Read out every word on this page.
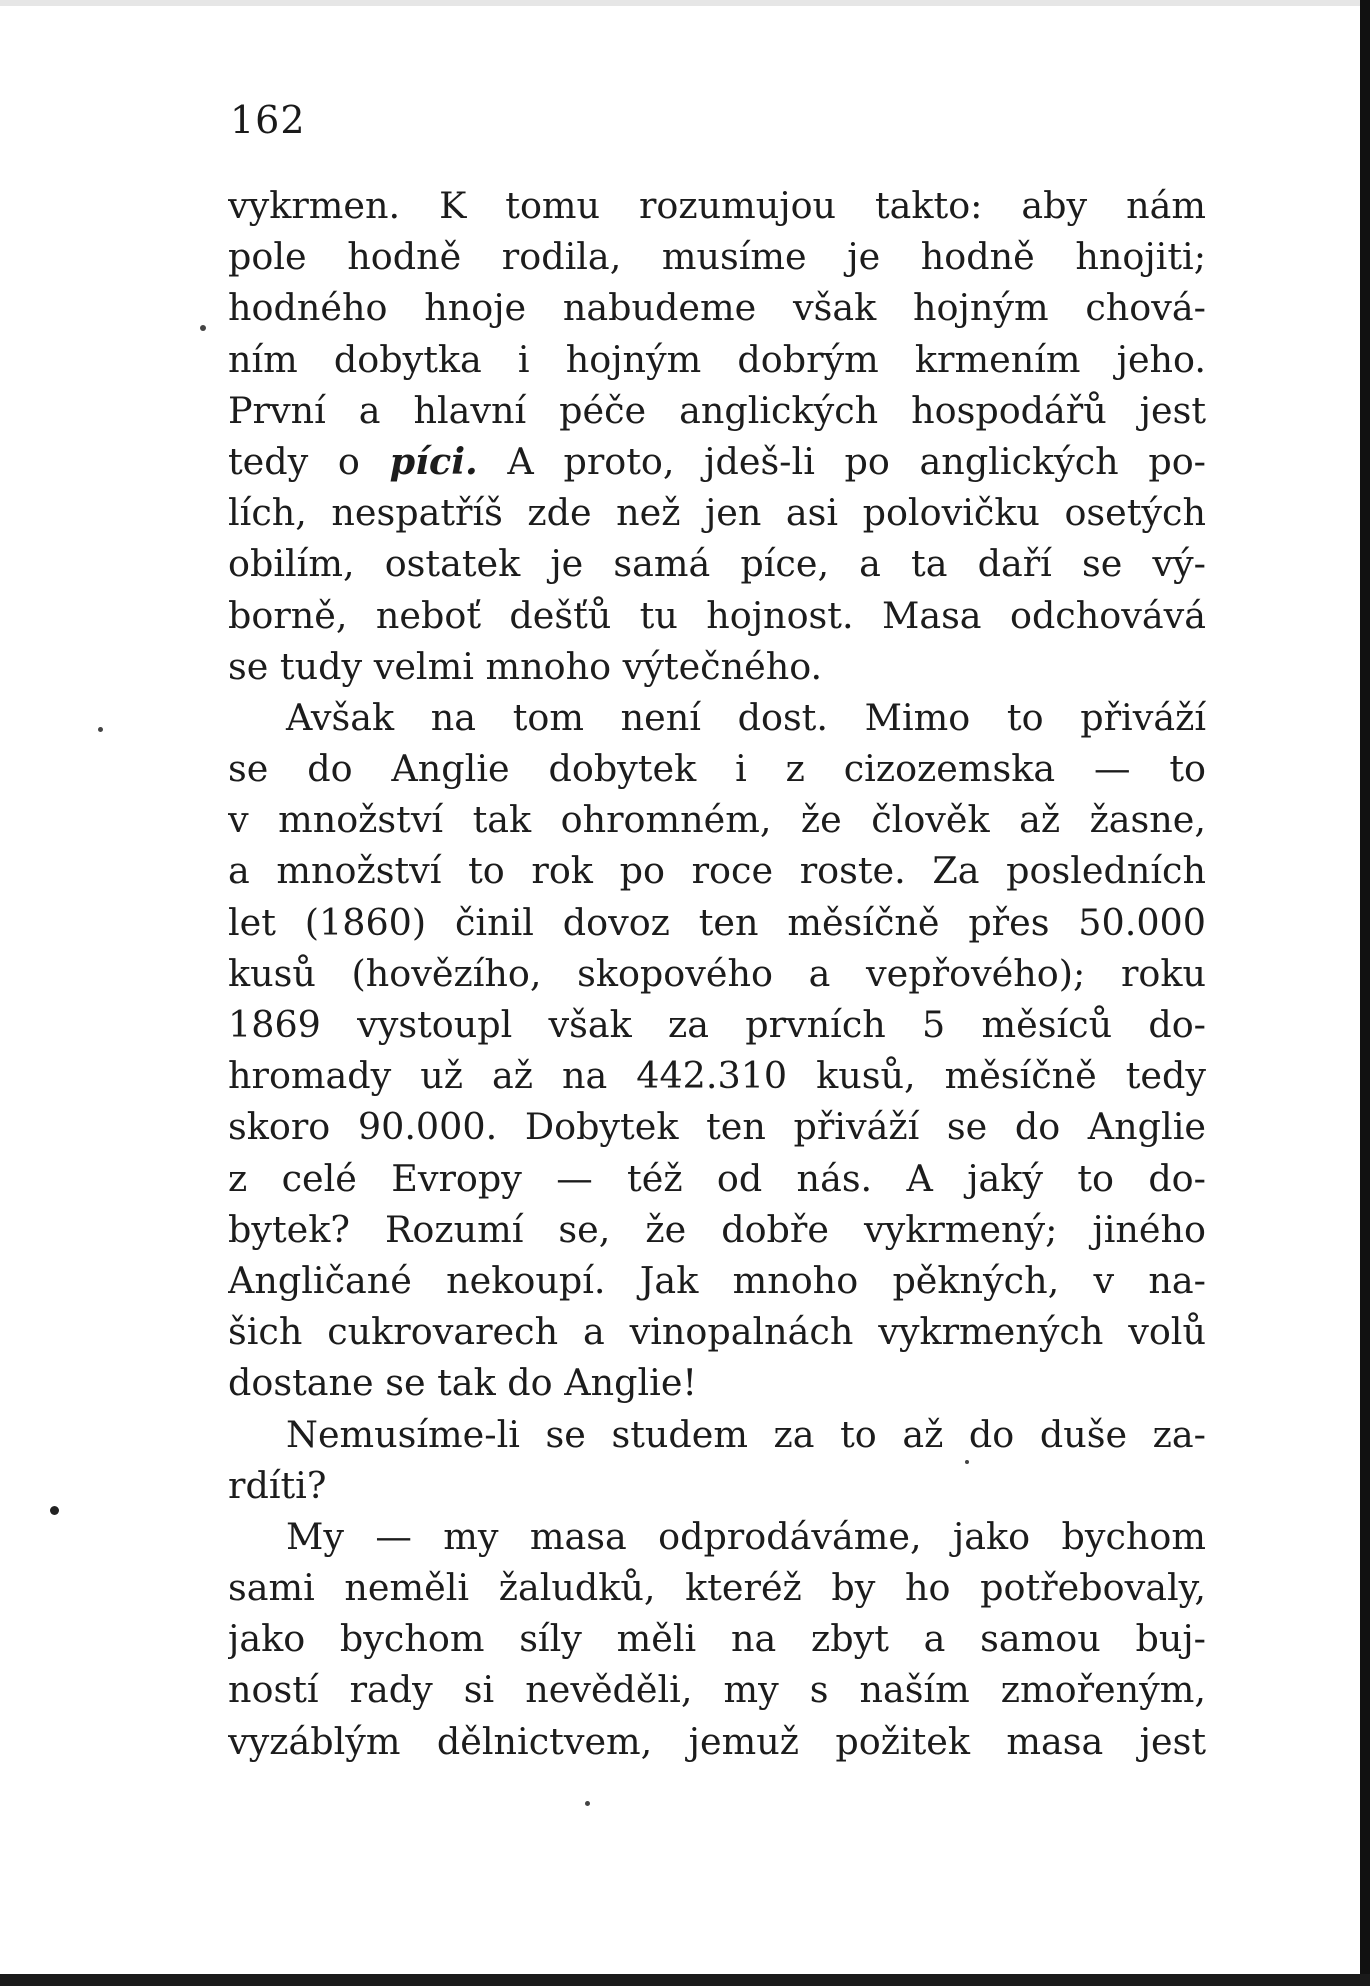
162
vykrmen. K tomu rozumujou takto: aby nám
pole hodně rodila, musíme je hodně hnojiti;
hodného hnoje nabudeme však hojným chová-
ním dobytka i hojným dobrým krmením jeho.
První a hlavní péče anglických hospodářů jest
tedy o píci. A proto, jdeš-li po anglických po-
lích, nespatříš zde než jen asi polovičku osetých
obilím, ostatek je samá píce, a ta daří se vý-
borně, neboť dešťů tu hojnost. Masa odchovává
se tudy velmi mnoho výtečného.
Avšak na tom není dost. Mimo to přiváží
se do Anglie dobytek i z cizozemska — to
v množství tak ohromném, že člověk až žasne,
a množství to rok po roce roste. Za posledních
let (1860) činil dovoz ten měsíčně přes 50.000
kusů (hovězího, skopového a vepřového); roku
1869 vystoupl však za prvních 5 měsíců do-
hromady už až na 442.310 kusů, měsíčně tedy
skoro 90.000. Dobytek ten přiváží se do Anglie
z celé Evropy — též od nás. A jaký to do-
bytek? Rozumí se, že dobře vykrmený; jiného
Angličané nekoupí. Jak mnoho pěkných, v na-
šich cukrovarech a vinopalnách vykrmených volů
dostane se tak do Anglie!
Nemusíme-li se studem za to až do duše za-
rdíti?
My — my masa odprodáváme, jako bychom
sami neměli žaludků, kteréž by ho potřebovaly,
jako bychom síly měli na zbyt a samou buj-
ností rady si nevěděli, my s naším zmořeným,
vyzáblým dělnictvem, jemuž požitek masa jest
